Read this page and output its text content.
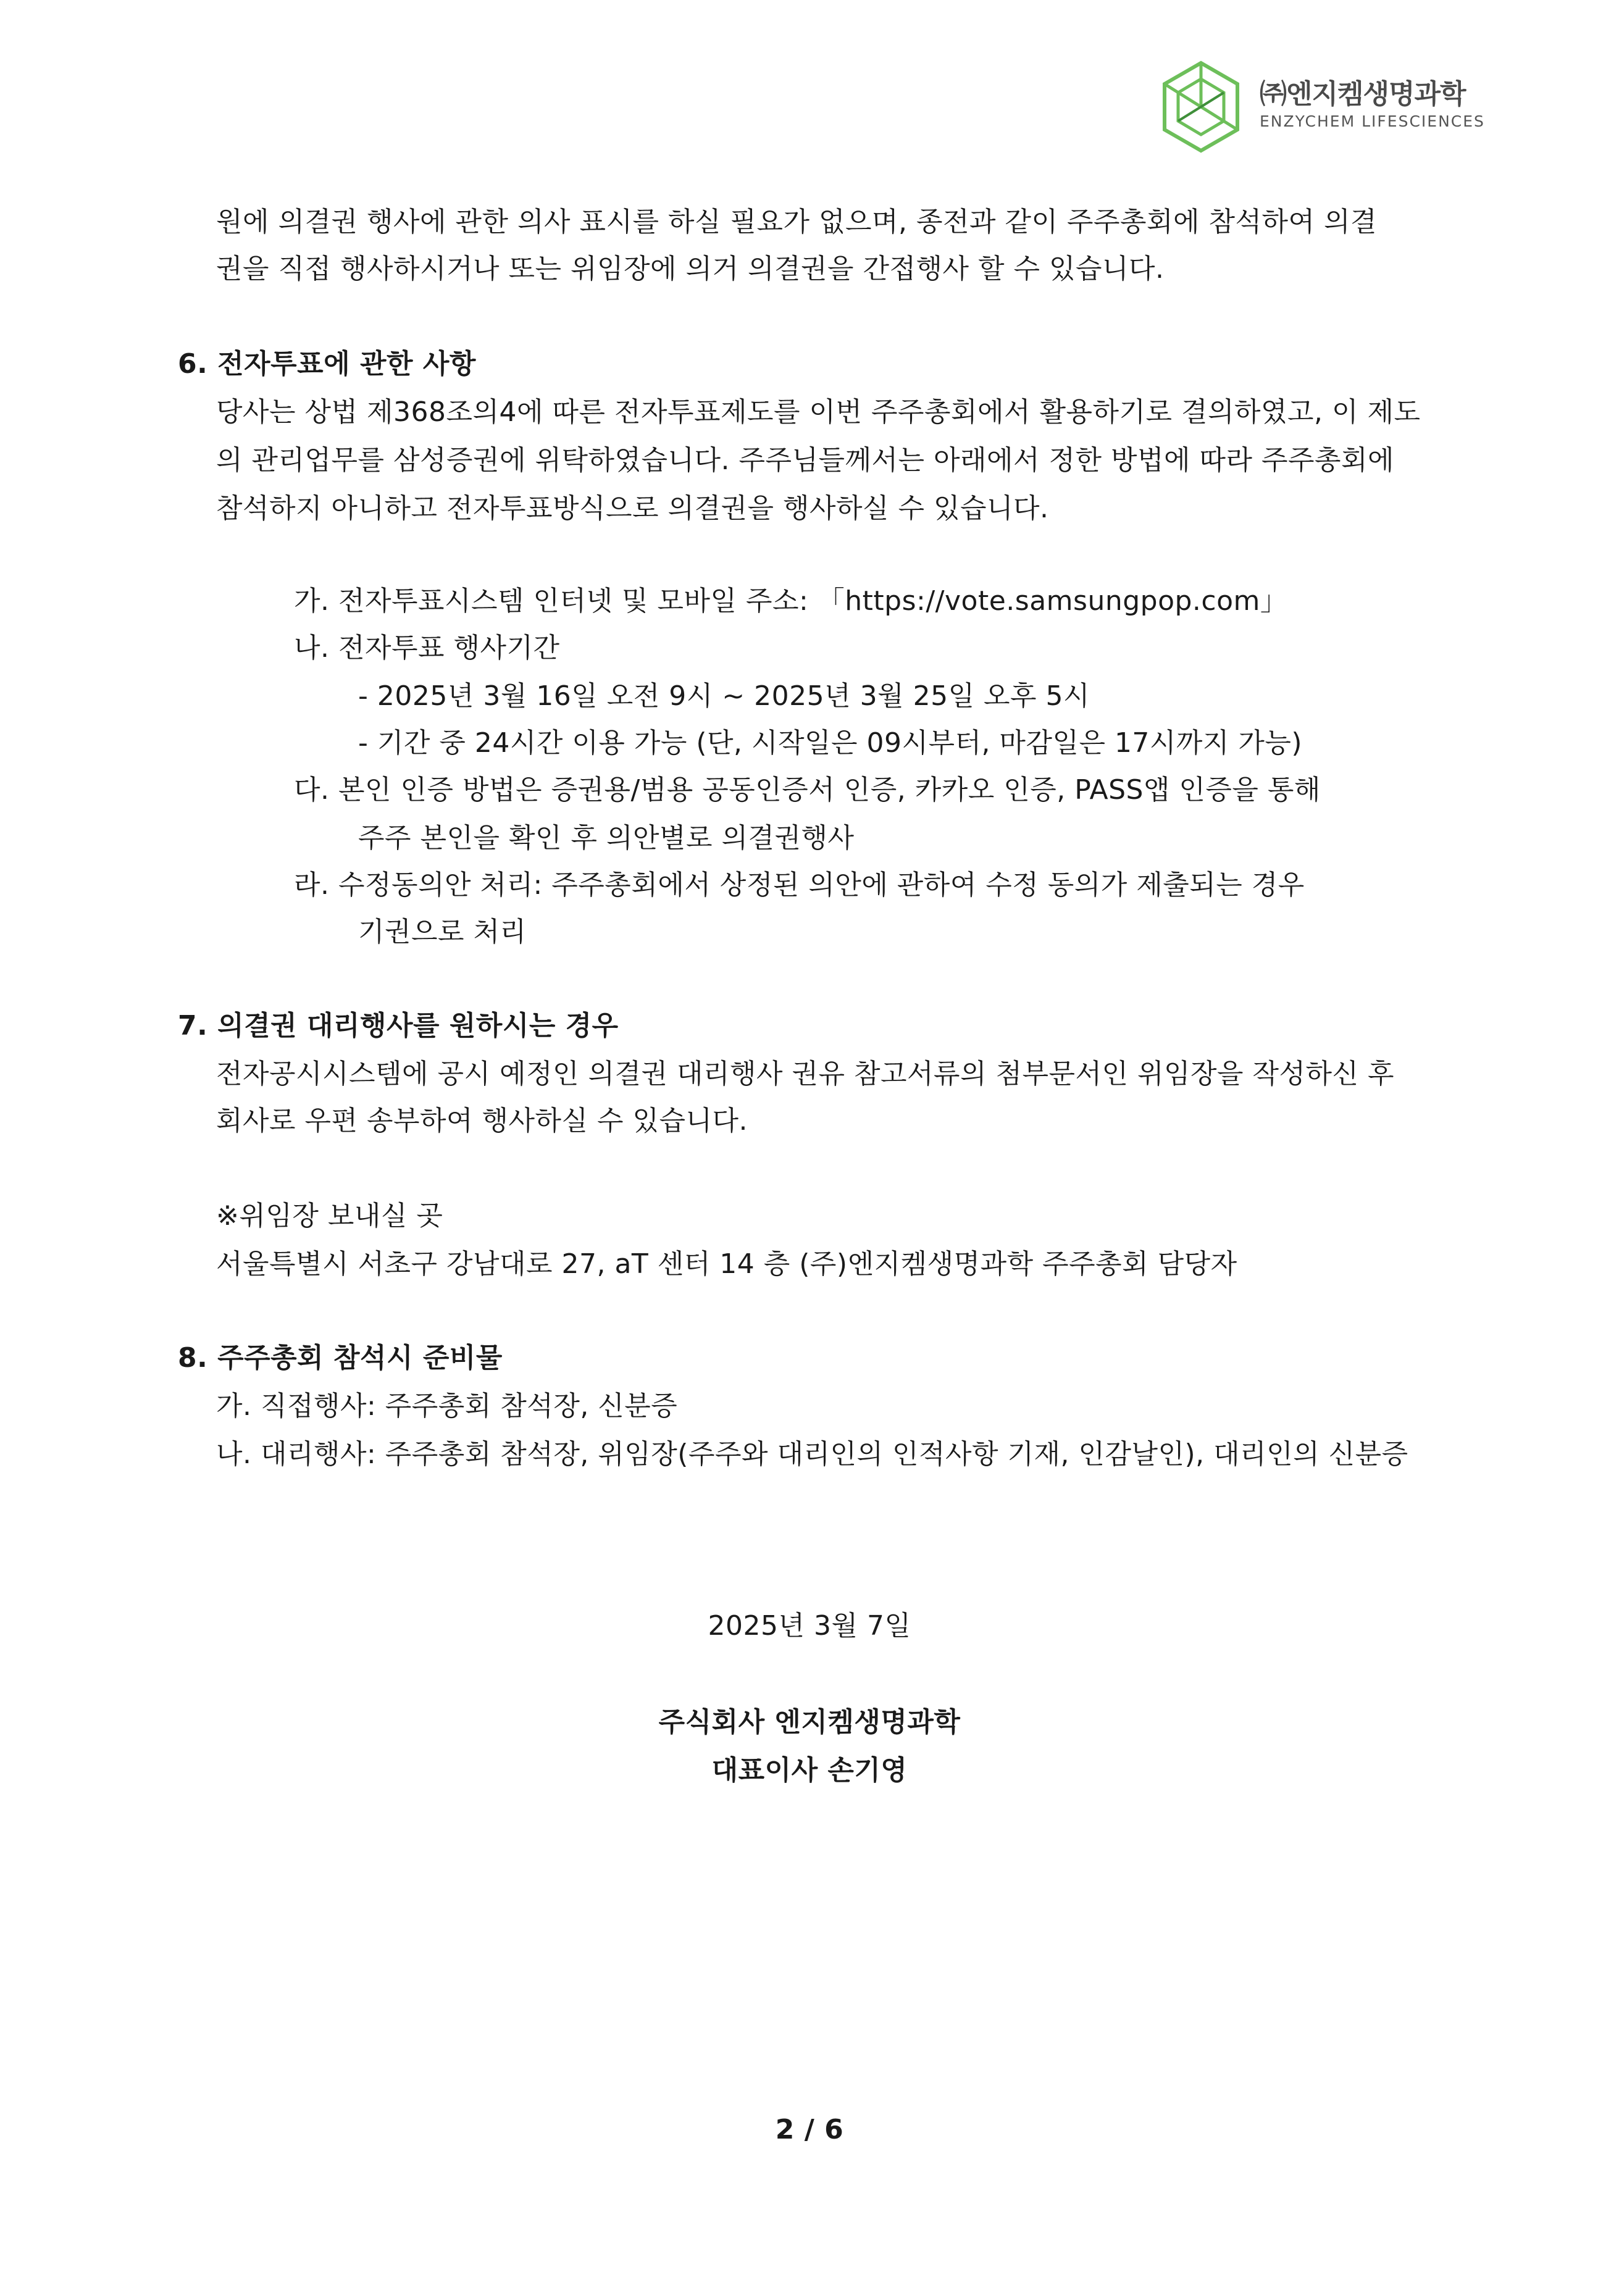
㈜엔지켐생명과학
ENZYCHEM LIFESCIENCES
원에 의결권 행사에 관한 의사 표시를 하실 필요가 없으며, 종전과 같이 주주총회에 참석하여 의결
권을 직접 행사하시거나 또는 위임장에 의거 의결권을 간접행사 할 수 있습니다.
6. 전자투표에 관한 사항
당사는 상법 제368조의4에 따른 전자투표제도를 이번 주주총회에서 활용하기로 결의하였고, 이 제도
의 관리업무를 삼성증권에 위탁하였습니다. 주주님들께서는 아래에서 정한 방법에 따라 주주총회에
참석하지 아니하고 전자투표방식으로 의결권을 행사하실 수 있습니다.
가. 전자투표시스템 인터넷 및 모바일 주소: 「https://vote.samsungpop.com」
나. 전자투표 행사기간
- 2025년 3월 16일 오전 9시 ~ 2025년 3월 25일 오후 5시
- 기간 중 24시간 이용 가능 (단, 시작일은 09시부터, 마감일은 17시까지 가능)
다. 본인 인증 방법은 증권용/범용 공동인증서 인증, 카카오 인증, PASS앱 인증을 통해
주주 본인을 확인 후 의안별로 의결권행사
라. 수정동의안 처리: 주주총회에서 상정된 의안에 관하여 수정 동의가 제출되는 경우
기권으로 처리
7. 의결권 대리행사를 원하시는 경우
전자공시시스템에 공시 예정인 의결권 대리행사 권유 참고서류의 첨부문서인 위임장을 작성하신 후
회사로 우편 송부하여 행사하실 수 있습니다.
※위임장 보내실 곳
서울특별시 서초구 강남대로 27, aT 센터 14 층 (주)엔지켐생명과학 주주총회 담당자
8. 주주총회 참석시 준비물
가. 직접행사: 주주총회 참석장, 신분증
나. 대리행사: 주주총회 참석장, 위임장(주주와 대리인의 인적사항 기재, 인감날인), 대리인의 신분증
2025년 3월 7일
주식회사 엔지켐생명과학
대표이사 손기영
2 / 6
